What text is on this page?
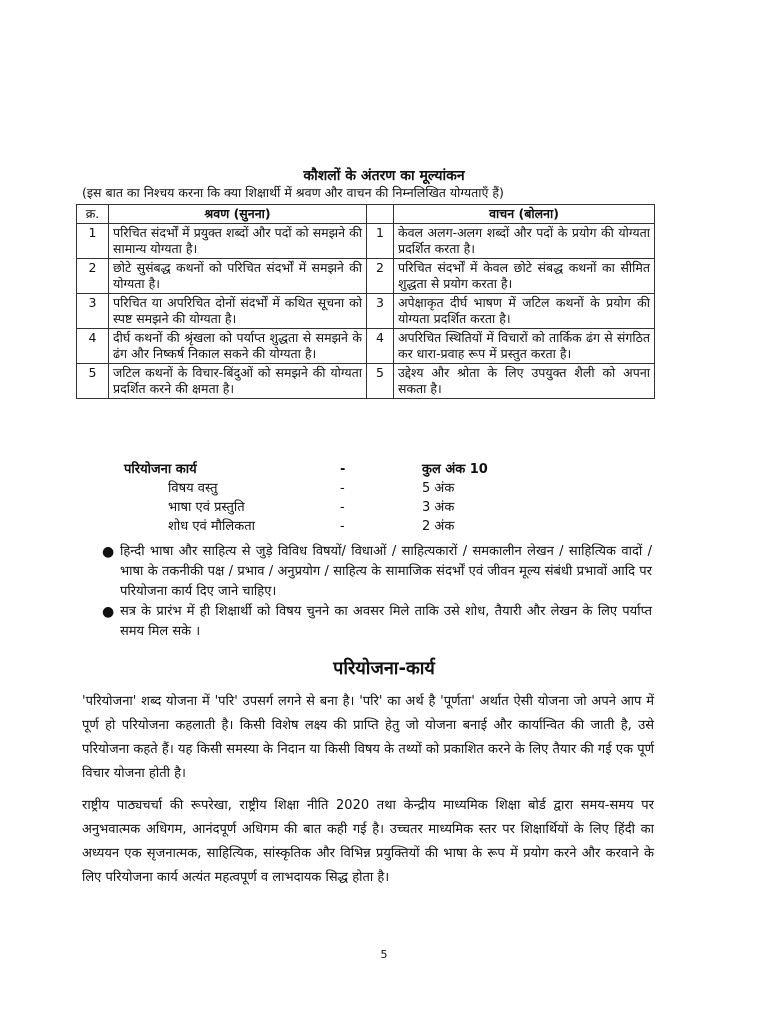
कौशलों के अंतरण का मूल्यांकन
(इस बात का निश्चय करना कि क्या शिक्षार्थी में श्रवण और वाचन की निम्नलिखित योग्यताएँ हैं)
क्र.	श्रवण (सुनना)		वाचन (बोलना)
1	परिचित संदर्भों में प्रयुक्त शब्दों और पदों को समझने की सामान्य योग्यता है।	1	केवल अलग-अलग शब्दों और पदों के प्रयोग की योग्यता प्रदर्शित करता है।
2	छोटे सुसंबद्ध कथनों को परिचित संदर्भों में समझने की योग्यता है।	2	परिचित संदर्भों में केवल छोटे संबद्ध कथनों का सीमित शुद्धता से प्रयोग करता है।
3	परिचित या अपरिचित दोनों संदर्भों में कथित सूचना को स्पष्ट समझने की योग्यता है।	3	अपेक्षाकृत दीर्घ भाषण में जटिल कथनों के प्रयोग की योग्यता प्रदर्शित करता है।
4	दीर्घ कथनों की श्रृंखला को पर्याप्त शुद्धता से समझने के ढंग और निष्कर्ष निकाल सकने की योग्यता है।	4	अपरिचित स्थितियों में विचारों को तार्किक ढंग से संगठित कर धारा-प्रवाह रूप में प्रस्तुत करता है।
5	जटिल कथनों के विचार-बिंदुओं को समझने की योग्यता प्रदर्शित करने की क्षमता है।	5	उद्देश्य और श्रोता के लिए उपयुक्त शैली को अपना सकता है।
परियोजना कार्य	-	कुल अंक 10
विषय वस्तु	-	5 अंक
भाषा एवं प्रस्तुति	-	3 अंक
शोध एवं मौलिकता	-	2 अंक
● हिन्दी भाषा और साहित्य से जुड़े विविध विषयों/ विधाओं / साहित्यकारों / समकालीन लेखन / साहित्यिक वादों / भाषा के तकनीकी पक्ष / प्रभाव / अनुप्रयोग / साहित्य के सामाजिक संदर्भों एवं जीवन मूल्य संबंधी प्रभावों आदि पर परियोजना कार्य दिए जाने चाहिए।
● सत्र के प्रारंभ में ही शिक्षार्थी को विषय चुनने का अवसर मिले ताकि उसे शोध, तैयारी और लेखन के लिए पर्याप्त समय मिल सके ।
परियोजना-कार्य

'परियोजना' शब्द योजना में 'परि' उपसर्ग लगने से बना है। 'परि' का अर्थ है 'पूर्णता' अर्थात ऐसी योजना जो अपने आप में पूर्ण हो परियोजना कहलाती है। किसी विशेष लक्ष्य की प्राप्ति हेतु जो योजना बनाई और कार्यान्वित की जाती है, उसे परियोजना कहते हैं। यह किसी समस्या के निदान या किसी विषय के तथ्यों को प्रकाशित करने के लिए तैयार की गई एक पूर्ण विचार योजना होती है।

राष्ट्रीय पाठ्यचर्चा की रूपरेखा, राष्ट्रीय शिक्षा नीति 2020 तथा केन्द्रीय माध्यमिक शिक्षा बोर्ड द्वारा समय-समय पर अनुभवात्मक अधिगम, आनंदपूर्ण अधिगम की बात कही गई है। उच्चतर माध्यमिक स्तर पर शिक्षार्थियों के लिए हिंदी का अध्ययन एक सृजनात्मक, साहित्यिक, सांस्कृतिक और विभिन्न प्रयुक्तियों की भाषा के रूप में प्रयोग करने और करवाने के लिए परियोजना कार्य अत्यंत महत्वपूर्ण व लाभदायक सिद्ध होता है।

5
